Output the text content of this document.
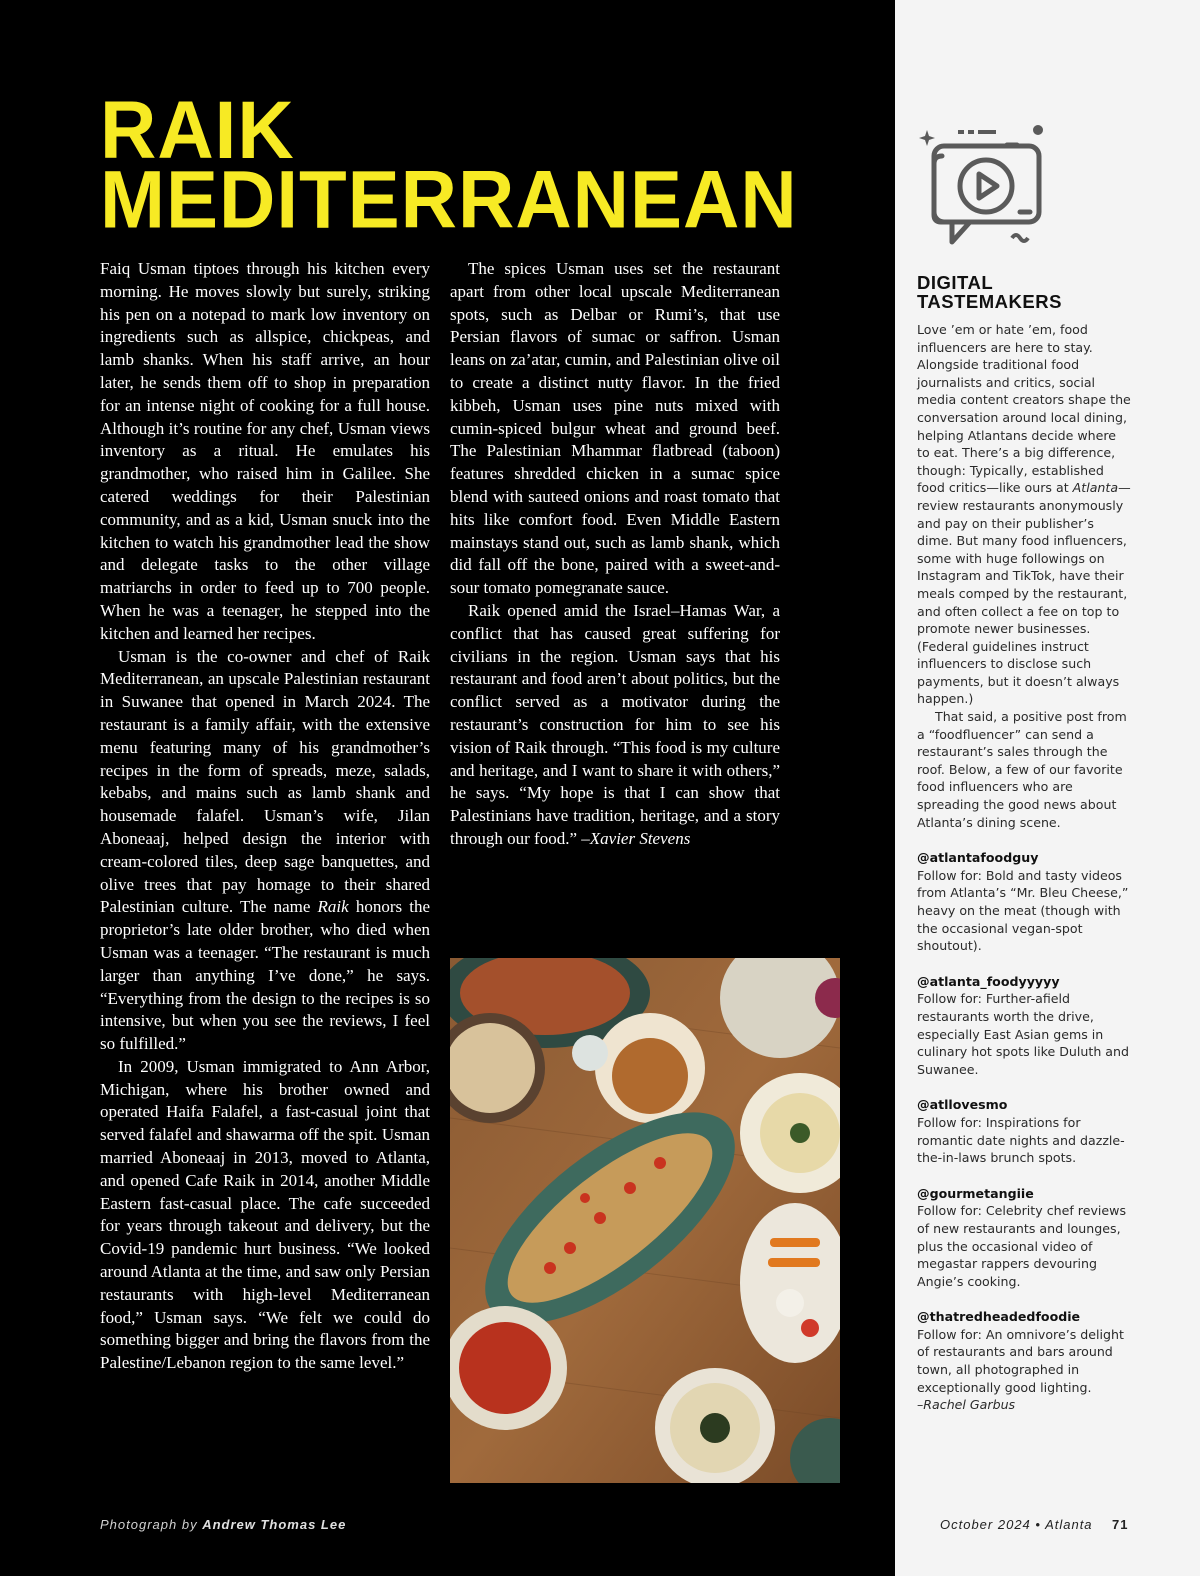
RAIK
MEDITERRANEAN

Faiq Usman tiptoes through his kitchen every morning. He moves slowly but surely, striking his pen on a notepad to mark low inventory on ingredients such as allspice, chickpeas, and lamb shanks. When his staff arrive, an hour later, he sends them off to shop in preparation for an intense night of cooking for a full house. Although it’s routine for any chef, Usman views inventory as a ritual. He emulates his grandmother, who raised him in Galilee. She catered weddings for their Palestinian community, and as a kid, Usman snuck into the kitchen to watch his grandmother lead the show and delegate tasks to the other village matriarchs in order to feed up to 700 people. When he was a teenager, he stepped into the kitchen and learned her recipes.

Usman is the co-owner and chef of Raik Mediterranean, an upscale Palestinian restaurant in Suwanee that opened in March 2024. The restaurant is a family affair, with the extensive menu featuring many of his grandmother’s recipes in the form of spreads, meze, salads, kebabs, and mains such as lamb shank and housemade falafel. Usman’s wife, Jilan Aboneaaj, helped design the interior with cream-colored tiles, deep sage banquettes, and olive trees that pay homage to their shared Palestinian culture. The name Raik honors the proprietor’s late older brother, who died when Usman was a teenager. “The restaurant is much larger than anything I’ve done,” he says. “Everything from the design to the recipes is so intensive, but when you see the reviews, I feel so fulfilled.”

In 2009, Usman immigrated to Ann Arbor, Michigan, where his brother owned and operated Haifa Falafel, a fast-casual joint that served falafel and shawarma off the spit. Usman married Aboneaaj in 2013, moved to Atlanta, and opened Cafe Raik in 2014, another Middle Eastern fast-casual place. The cafe succeeded for years through takeout and delivery, but the Covid-19 pandemic hurt business. “We looked around Atlanta at the time, and saw only Persian restaurants with high-level Mediterranean food,” Usman says. “We felt we could do something bigger and bring the flavors from the Palestine/Lebanon region to the same level.”

The spices Usman uses set the restaurant apart from other local upscale Mediterranean spots, such as Delbar or Rumi’s, that use Persian flavors of sumac or saffron. Usman leans on za’atar, cumin, and Palestinian olive oil to create a distinct nutty flavor. In the fried kibbeh, Usman uses pine nuts mixed with cumin-spiced bulgur wheat and ground beef. The Palestinian Mhammar flatbread (taboon) features shredded chicken in a sumac spice blend with sauteed onions and roast tomato that hits like comfort food. Even Middle Eastern mainstays stand out, such as lamb shank, which did fall off the bone, paired with a sweet-and-sour tomato pomegranate sauce.

Raik opened amid the Israel–Hamas War, a conflict that has caused great suffering for civilians in the region. Usman says that his restaurant and food aren’t about politics, but the conflict served as a motivator during the restaurant’s construction for him to see his vision of Raik through. “This food is my culture and heritage, and I want to share it with others,” he says. “My hope is that I can show that Palestinians have tradition, heritage, and a story through our food.” –Xavier Stevens

Photograph by Andrew Thomas Lee
DIGITAL
TASTEMAKERS

Love ’em or hate ’em, food influencers are here to stay. Alongside traditional food journalists and critics, social media content creators shape the conversation around local dining, helping Atlantans decide where to eat. There’s a big difference, though: Typically, established food critics—like ours at Atlanta—review restaurants anonymously and pay on their publisher’s dime. But many food influencers, some with huge followings on Instagram and TikTok, have their meals comped by the restaurant, and often collect a fee on top to promote newer businesses. (Federal guidelines instruct influencers to disclose such payments, but it doesn’t always happen.)

That said, a positive post from a “foodfluencer” can send a restaurant’s sales through the roof. Below, a few of our favorite food influencers who are spreading the good news about Atlanta’s dining scene.

@atlantafoodguy

Follow for: Bold and tasty videos from Atlanta’s “Mr. Bleu Cheese,” heavy on the meat (though with the occasional vegan-spot shoutout).

@atlanta_foodyyyyy

Follow for: Further-afield restaurants worth the drive, especially East Asian gems in culinary hot spots like Duluth and Suwanee.

@atllovesmo

Follow for: Inspirations for romantic date nights and dazzle-the-in-laws brunch spots.

@gourmetangiie

Follow for: Celebrity chef reviews of new restaurants and lounges, plus the occasional video of megastar rappers devouring Angie’s cooking.

@thatredheadedfoodie

Follow for: An omnivore’s delight of restaurants and bars around town, all photographed in exceptionally good lighting.

–Rachel Garbus

October 2024 • Atlanta 71
